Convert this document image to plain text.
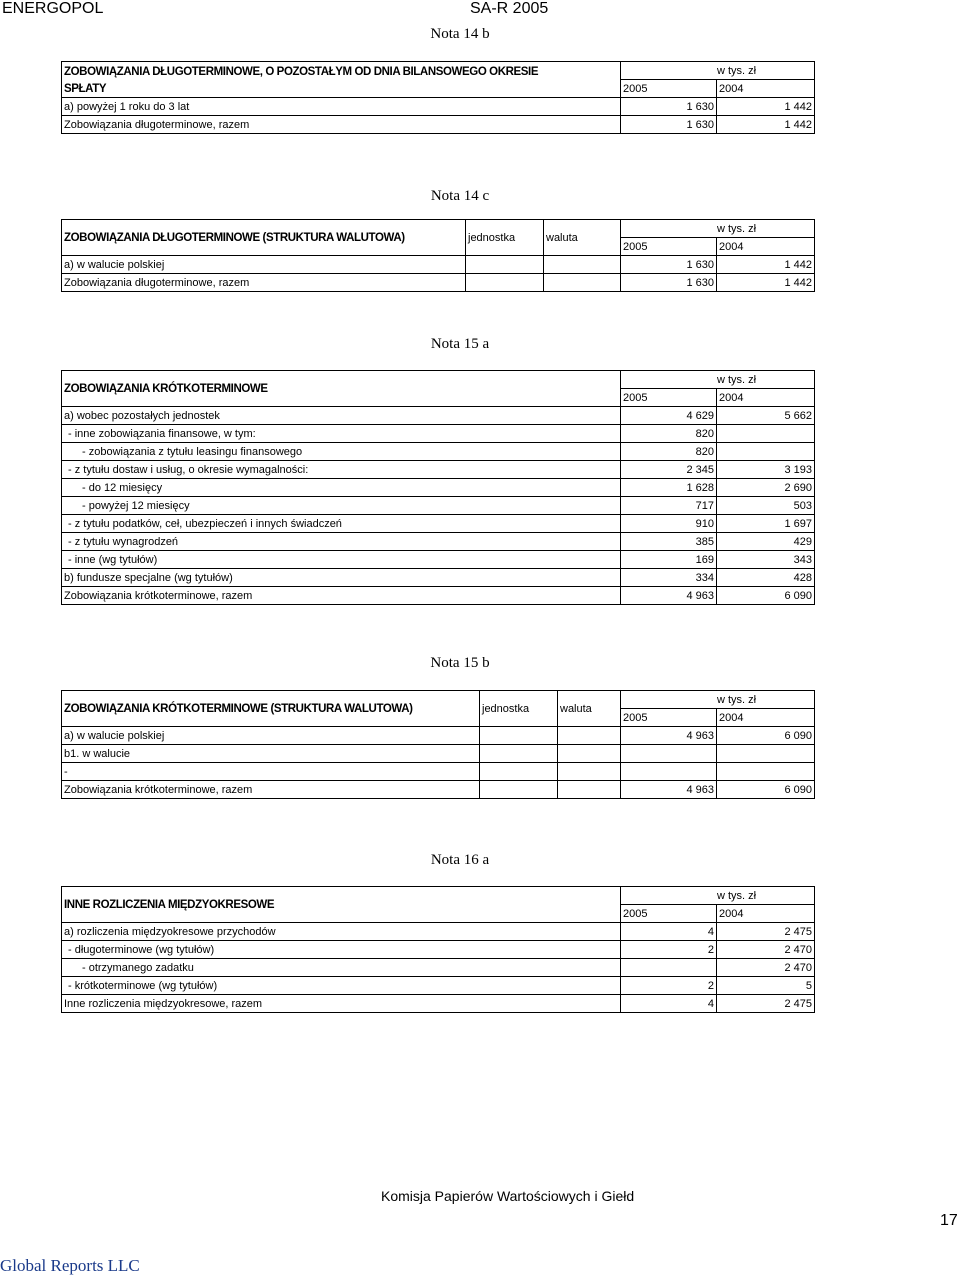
ENERGOPOL	SA-R 2005
Nota 14 b
ZOBOWIĄZANIA DŁUGOTERMINOWE, O POZOSTAŁYM OD DNIA BILANSOWEGO OKRESIE	w tys. zł	
SPŁATY	2005	2004
a) powyżej 1 roku do 3 lat	1 630	1 442
Zobowiązania długoterminowe, razem	1 630	1 442
Nota 14 c
ZOBOWIĄZANIA DŁUGOTERMINOWE (STRUKTURA WALUTOWA)	jednostka	waluta	w tys. zł	
			2005	2004
a) w walucie polskiej			1 630	1 442
Zobowiązania długoterminowe, razem			1 630	1 442
Nota 15 a
ZOBOWIĄZANIA KRÓTKOTERMINOWE	w tys. zł	
	2005	2004
a) wobec pozostałych jednostek	4 629	5 662
- inne zobowiązania finansowe, w tym:	820	
- zobowiązania z tytułu leasingu finansowego	820	
- z tytułu dostaw i usług, o okresie wymagalności:	2 345	3 193
- do 12 miesięcy	1 628	2 690
- powyżej 12 miesięcy	717	503
- z tytułu podatków, ceł, ubezpieczeń i innych świadczeń	910	1 697
- z tytułu wynagrodzeń	385	429
- inne (wg tytułów)	169	343
b) fundusze specjalne (wg tytułów)	334	428
Zobowiązania krótkoterminowe, razem	4 963	6 090
Nota 15 b
ZOBOWIĄZANIA KRÓTKOTERMINOWE (STRUKTURA WALUTOWA)	jednostka	waluta	w tys. zł	
			2005	2004
a) w walucie polskiej			4 963	6 090
b1. w walucie				
-				
Zobowiązania krótkoterminowe, razem			4 963	6 090
Nota 16 a
INNE ROZLICZENIA MIĘDZYOKRESOWE	w tys. zł	
	2005	2004
a) rozliczenia międzyokresowe przychodów	4	2 475
- długoterminowe (wg tytułów)	2	2 470
- otrzymanego zadatku		2 470
- krótkoterminowe (wg tytułów)	2	5
Inne rozliczenia międzyokresowe, razem	4	2 475
Komisja Papierów Wartościowych i Giełd
17
Global Reports LLC
